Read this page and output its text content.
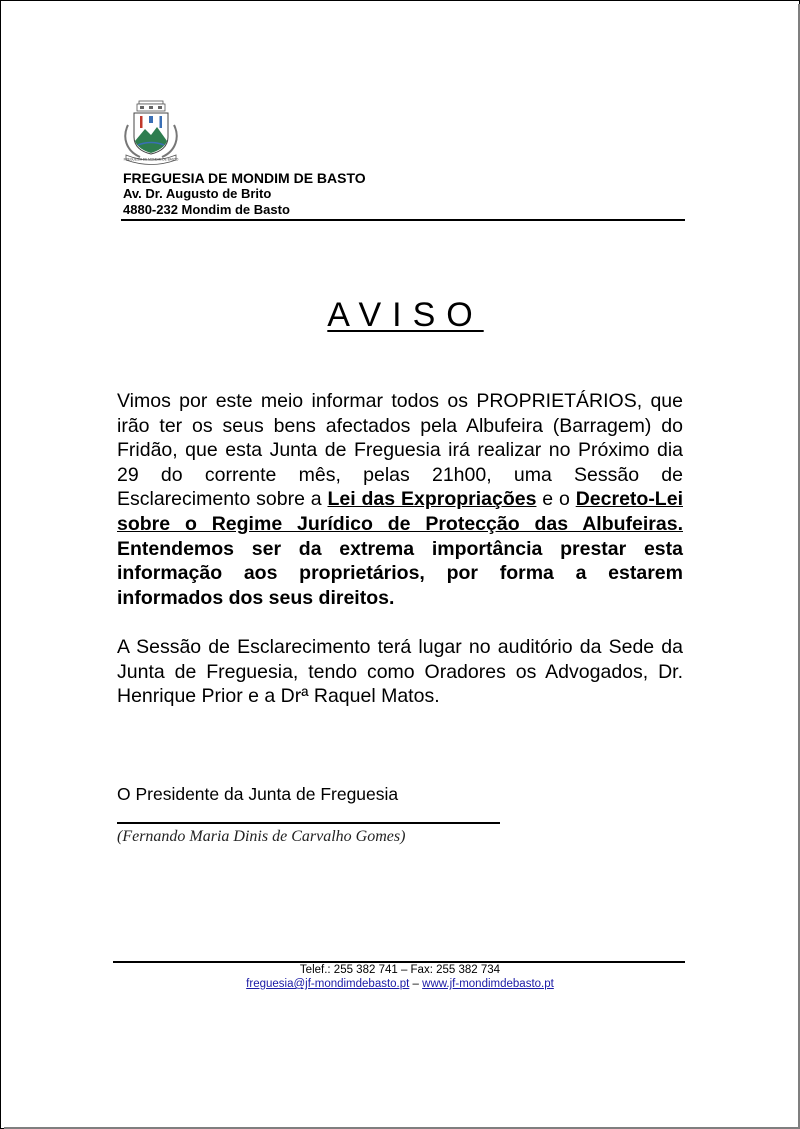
FREGUESIA DE MONDIM DE BASTO
FREGUESIA DE MONDIM DE BASTO
Av. Dr. Augusto de Brito
4880-232 Mondim de Basto
AVISO

Vimos por este meio informar todos os PROPRIETÁRIOS, que irão ter os seus bens afectados pela Albufeira (Barragem) do Fridão, que esta Junta de Freguesia irá realizar no Próximo dia 29 do corrente mês, pelas 21h00, uma Sessão de Esclarecimento sobre a Lei das Expropriações e o Decreto-Lei sobre o Regime Jurídico de Protecção das Albufeiras. Entendemos ser da extrema importância prestar esta informação aos proprietários, por forma a estarem informados dos seus direitos.

A Sessão de Esclarecimento terá lugar no auditório da Sede da Junta de Freguesia, tendo como Oradores os Advogados, Dr. Henrique Prior e a Drª Raquel Matos.

O Presidente da Junta de Freguesia
(Fernando Maria Dinis de Carvalho Gomes)
Telef.: 255 382 741 – Fax: 255 382 734
freguesia@jf-mondimdebasto.pt – www.jf-mondimdebasto.pt
